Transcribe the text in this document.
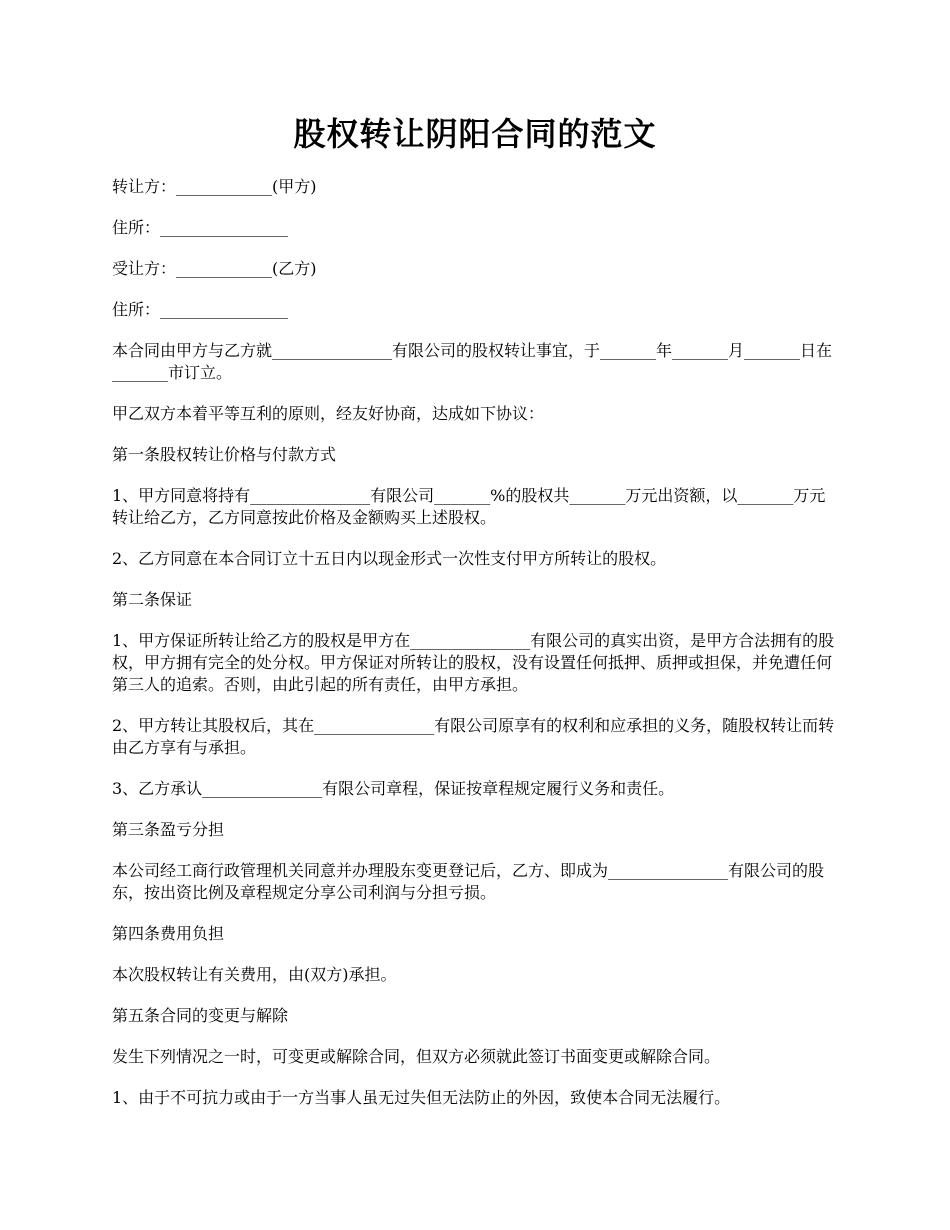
股权转让阴阳合同的范文

转让方：____________(甲方)

住所：________________

受让方：____________(乙方)

住所：________________

本合同由甲方与乙方就_______________有限公司的股权转让事宜，于_______年_______月_______日在_______市订立。

甲乙双方本着平等互利的原则，经友好协商，达成如下协议：

第一条股权转让价格与付款方式

1、甲方同意将持有_______________有限公司_______%的股权共_______万元出资额，以_______万元转让给乙方，乙方同意按此价格及金额购买上述股权。

2、乙方同意在本合同订立十五日内以现金形式一次性支付甲方所转让的股权。

第二条保证

1、甲方保证所转让给乙方的股权是甲方在_______________有限公司的真实出资，是甲方合法拥有的股权，甲方拥有完全的处分权。甲方保证对所转让的股权，没有设置任何抵押、质押或担保，并免遭任何第三人的追索。否则，由此引起的所有责任，由甲方承担。

2、甲方转让其股权后，其在_______________有限公司原享有的权利和应承担的义务，随股权转让而转由乙方享有与承担。

3、乙方承认_______________有限公司章程，保证按章程规定履行义务和责任。

第三条盈亏分担

本公司经工商行政管理机关同意并办理股东变更登记后，乙方、即成为_______________有限公司的股东，按出资比例及章程规定分享公司利润与分担亏损。

第四条费用负担

本次股权转让有关费用，由(双方)承担。

第五条合同的变更与解除

发生下列情况之一时，可变更或解除合同，但双方必须就此签订书面变更或解除合同。

1、由于不可抗力或由于一方当事人虽无过失但无法防止的外因，致使本合同无法履行。
